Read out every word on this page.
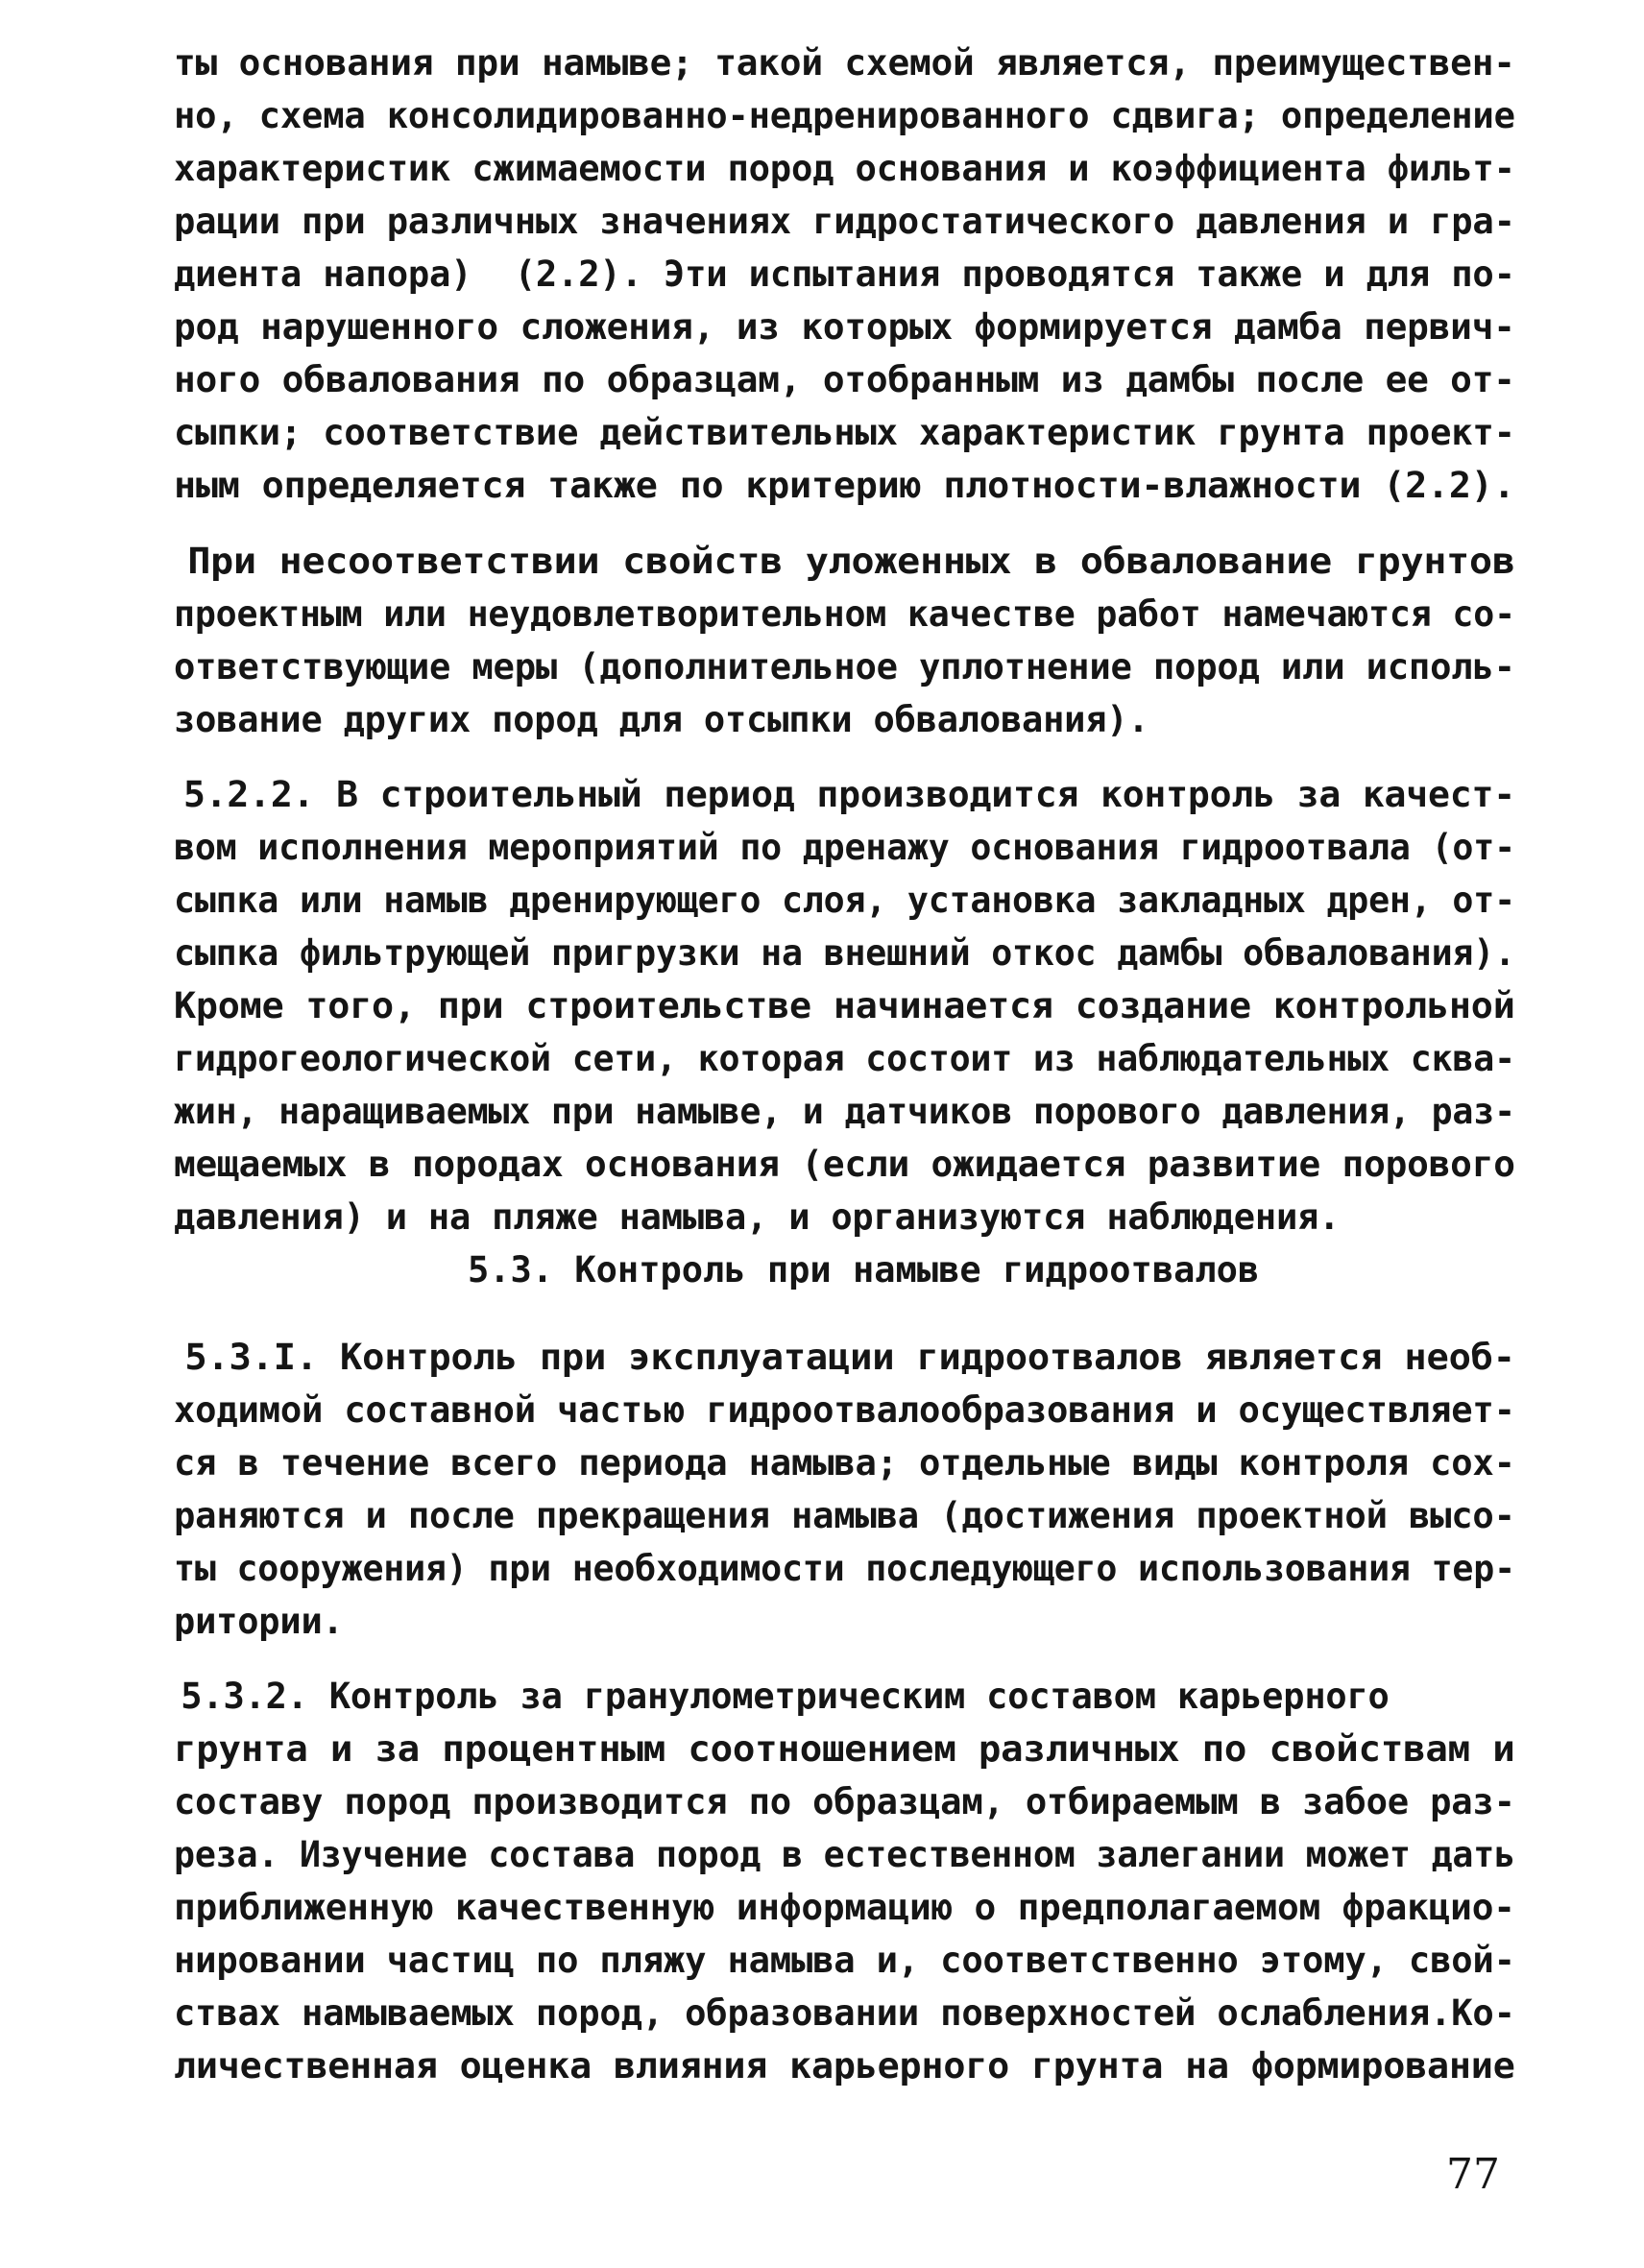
ты основания при намыве; такой схемой является, преимуществен-
но, схема консолидированно-недренированного сдвига; определение
характеристик сжимаемости пород основания и коэффициента фильт-
рации при различных значениях гидростатического давления и гра-
диента напора)  (2.2). Эти испытания проводятся также и для по-
род нарушенного сложения, из которых формируется дамба первич-
ного обвалования по образцам, отобранным из дамбы после ее от-
сыпки; соответствие действительных характеристик грунта проект-
ным определяется также по критерию плотности-влажности (2.2).
При несоответствии свойств уложенных в обвалование грунтов
проектным или неудовлетворительном качестве работ намечаются со-
ответствующие меры (дополнительное уплотнение пород или исполь-
зование других пород для отсыпки обвалования).
5.2.2. В строительный период производится контроль за качест-
вом исполнения мероприятий по дренажу основания гидроотвала (от-
сыпка или намыв дренирующего слоя, установка закладных дрен, от-
сыпка фильтрующей пригрузки на внешний откос дамбы обвалования).
Кроме того, при строительстве начинается создание контрольной
гидрогеологической сети, которая состоит из наблюдательных сква-
жин, наращиваемых при намыве, и датчиков порового давления, раз-
мещаемых в породах основания (если ожидается развитие порового
давления) и на пляже намыва, и организуются наблюдения.
5.3. Контроль при намыве гидроотвалов
5.3.I. Контроль при эксплуатации гидроотвалов является необ-
ходимой составной частью гидроотвалообразования и осуществляет-
ся в течение всего периода намыва; отдельные виды контроля сох-
раняются и после прекращения намыва (достижения проектной высо-
ты сооружения) при необходимости последующего использования тер-
ритории.
5.3.2. Контроль за гранулометрическим составом карьерного
грунта и за процентным соотношением различных по свойствам и
составу пород производится по образцам, отбираемым в забое раз-
реза. Изучение состава пород в естественном залегании может дать
приближенную качественную информацию о предполагаемом фракцио-
нировании частиц по пляжу намыва и, соответственно этому, свой-
ствах намываемых пород, образовании поверхностей ослабления.Ко-
личественная оценка влияния карьерного грунта на формирование
77
